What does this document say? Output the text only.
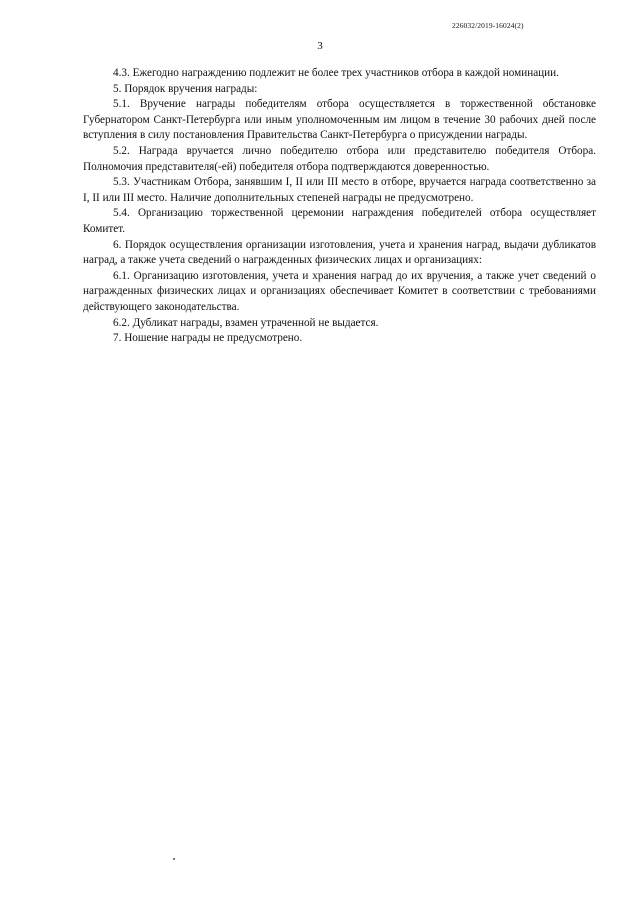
226032/2019-16024(2)
3

4.3. Ежегодно награждению подлежит не более трех участников отбора в каждой номинации.

5. Порядок вручения награды:

5.1. Вручение награды победителям отбора осуществляется в торжественной обстановке Губернатором Санкт-Петербурга или иным уполномоченным им лицом в течение 30 рабочих дней после вступления в силу постановления Правительства Санкт-Петербурга о присуждении награды.

5.2. Награда вручается лично победителю отбора или представителю победителя Отбора. Полномочия представителя(-ей) победителя отбора подтверждаются доверенностью.

5.3. Участникам Отбора, занявшим I, II или III место в отборе, вручается награда соответственно за I, II или III место. Наличие дополнительных степеней награды не предусмотрено.

5.4. Организацию торжественной церемонии награждения победителей отбора осуществляет Комитет.

6. Порядок осуществления организации изготовления, учета и хранения наград, выдачи дубликатов наград, а также учета сведений о награжденных физических лицах и организациях:

6.1. Организацию изготовления, учета и хранения наград до их вручения, а также учет сведений о награжденных физических лицах и организациях обеспечивает Комитет в соответствии с требованиями действующего законодательства.

6.2. Дубликат награды, взамен утраченной не выдается.

7. Ношение награды не предусмотрено.
